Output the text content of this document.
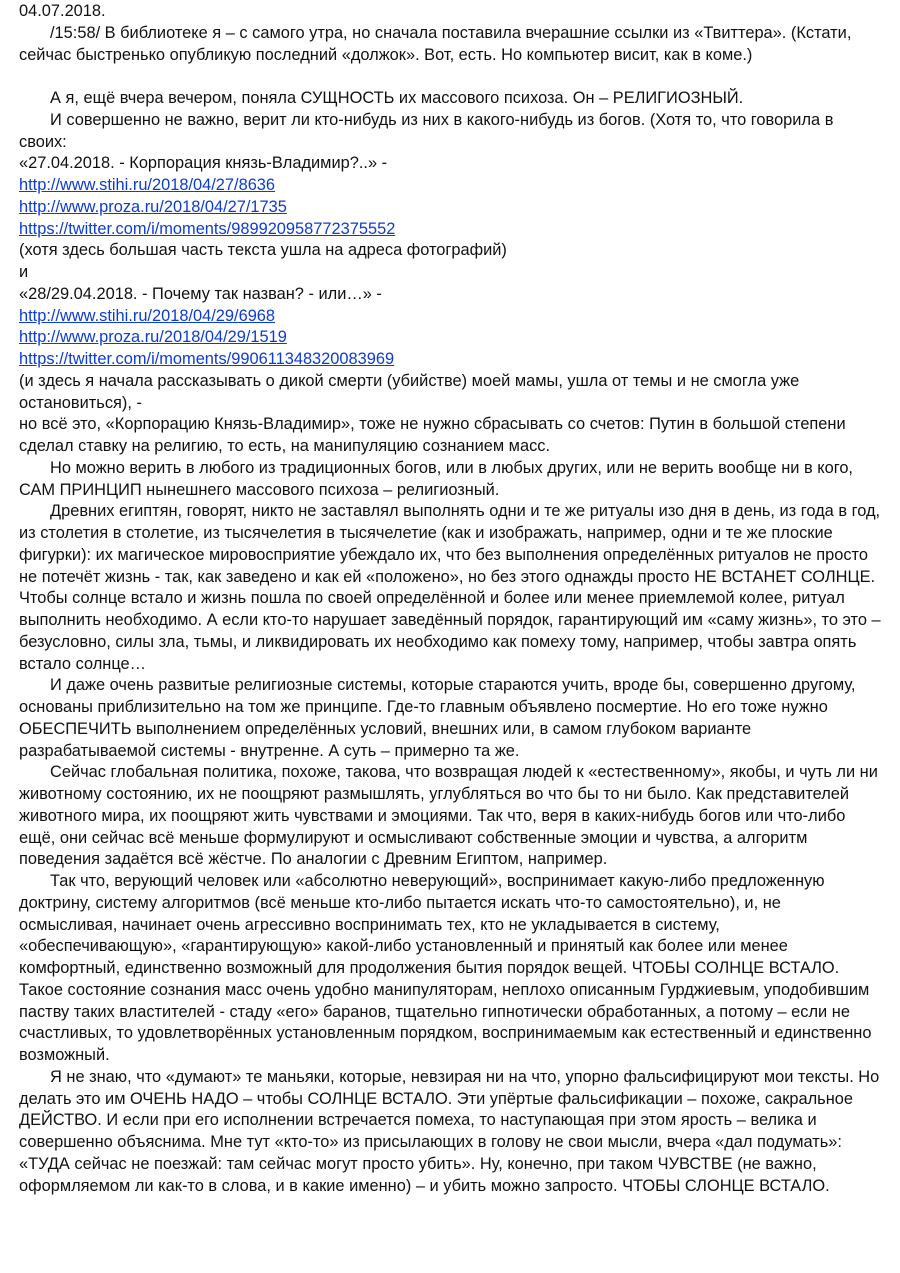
04.07.2018.

/15:58/ В библиотеке я – с самого утра, но сначала поставила вчерашние ссылки из «Твиттера». (Кстати, сейчас быстренько опубликую последний «должок». Вот, есть. Но компьютер висит, как в коме.)

А я, ещё вчера вечером, поняла СУЩНОСТЬ их массового психоза. Он – РЕЛИГИОЗНЫЙ.

И совершенно не важно, верит ли кто-нибудь из них в какого-нибудь из богов. (Хотя то, что говорила в своих:

«27.04.2018. - Корпорация князь-Владимир?..» -

http://www.stihi.ru/2018/04/27/8636
http://www.proza.ru/2018/04/27/1735
https://twitter.com/i/moments/989920958772375552

(хотя здесь большая часть текста ушла на адреса фотографий)

и

«28/29.04.2018. - Почему так назван? - или…» -

http://www.stihi.ru/2018/04/29/6968
http://www.proza.ru/2018/04/29/1519
https://twitter.com/i/moments/990611348320083969

(и здесь я начала рассказывать о дикой смерти (убийстве) моей мамы, ушла от темы и не смогла уже остановиться), -

но всё это, «Корпорацию Князь-Владимир», тоже не нужно сбрасывать со счетов: Путин в большой степени сделал ставку на религию, то есть, на манипуляцию сознанием масс.

Но можно верить в любого из традиционных богов, или в любых других, или не верить вообще ни в кого, САМ ПРИНЦИП нынешнего массового психоза – религиозный.

Древних египтян, говорят, никто не заставлял выполнять одни и те же ритуалы изо дня в день, из года в год, из столетия в столетие, из тысячелетия в тысячелетие (как и изображать, например, одни и те же плоские фигурки): их магическое мировосприятие убеждало их, что без выполнения определённых ритуалов не просто не потечёт жизнь - так, как заведено и как ей «положено», но без этого однажды просто НЕ ВСТАНЕТ СОЛНЦЕ. Чтобы солнце встало и жизнь пошла по своей определённой и более или менее приемлемой колее, ритуал выполнить необходимо. А если кто-то нарушает заведённый порядок, гарантирующий им «саму жизнь», то это – безусловно, силы зла, тьмы, и ликвидировать их необходимо как помеху тому, например, чтобы завтра опять встало солнце…

И даже очень развитые религиозные системы, которые стараются учить, вроде бы, совершенно другому, основаны приблизительно на том же принципе. Где-то главным объявлено посмертие. Но его тоже нужно ОБЕСПЕЧИТЬ выполнением определённых условий, внешних или, в самом глубоком варианте разрабатываемой системы - внутренне. А суть – примерно та же.

Сейчас глобальная политика, похоже, такова, что возвращая людей к «естественному», якобы, и чуть ли ни животному состоянию, их не поощряют размышлять, углубляться во что бы то ни было. Как представителей животного мира, их поощряют жить чувствами и эмоциями. Так что, веря в каких-нибудь богов или что-либо ещё, они сейчас всё меньше формулируют и осмысливают собственные эмоции и чувства, а алгоритм поведения задаётся всё жёстче. По аналогии с Древним Египтом, например.

Так что, верующий человек или «абсолютно неверующий», воспринимает какую-либо предложенную доктрину, систему алгоритмов (всё меньше кто-либо пытается искать что-то самостоятельно), и, не осмысливая, начинает очень агрессивно воспринимать тех, кто не укладывается в систему, «обеспечивающую», «гарантирующую» какой-либо установленный и принятый как более или менее комфортный, единственно возможный для продолжения бытия порядок вещей. ЧТОБЫ СОЛНЦЕ ВСТАЛО. Такое состояние сознания масс очень удобно манипуляторам, неплохо описанным Гурджиевым, уподобившим паству таких властителей - стаду «его» баранов, тщательно гипнотически обработанных, а потому – если не счастливых, то удовлетворённых установленным порядком, воспринимаемым как естественный и единственно возможный.

Я не знаю, что «думают» те маньяки, которые, невзирая ни на что, упорно фальсифицируют мои тексты. Но делать это им ОЧЕНЬ НАДО – чтобы СОЛНЦЕ ВСТАЛО. Эти упёртые фальсификации – похоже, сакральное ДЕЙСТВО. И если при его исполнении встречается помеха, то наступающая при этом ярость – велика и совершенно объяснима. Мне тут «кто-то» из присылающих в голову не свои мысли, вчера «дал подумать»: «ТУДА сейчас не поезжай: там сейчас могут просто убить». Ну, конечно, при таком ЧУВСТВЕ (не важно, оформляемом ли как-то в слова, и в какие именно) – и убить можно запросто. ЧТОБЫ СЛОНЦЕ ВСТАЛО.
